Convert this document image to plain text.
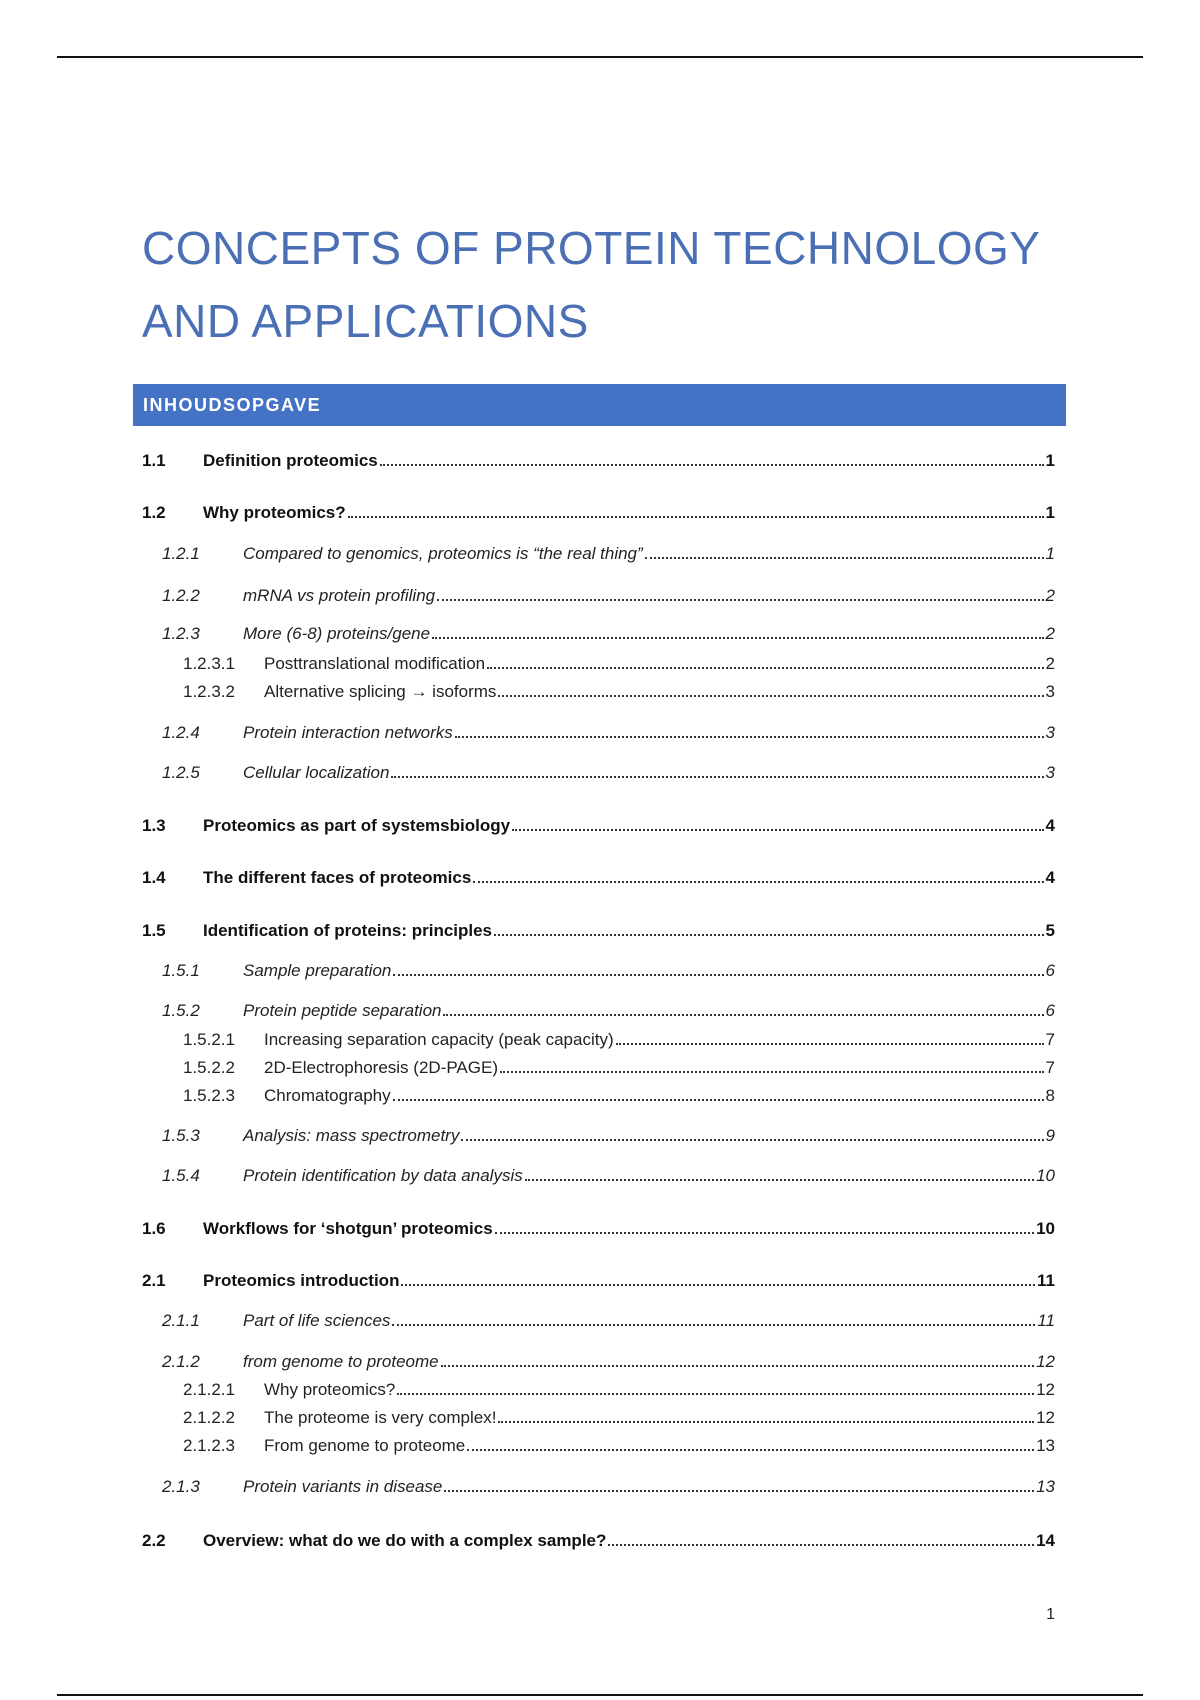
CONCEPTS OF PROTEIN TECHNOLOGY
AND APPLICATIONS
INHOUDSOPGAVE
1.1	Definition proteomics	1
1.2	Why proteomics?	1
1.2.1	Compared to genomics, proteomics is “the real thing”	1
1.2.2	mRNA vs protein profiling	2
1.2.3	More (6-8) proteins/gene	2
1.2.3.1	Posttranslational modification	2
1.2.3.2	Alternative splicing → isoforms	3
1.2.4	Protein interaction networks	3
1.2.5	Cellular localization	3
1.3	Proteomics as part of systemsbiology	4
1.4	The different faces of proteomics	4
1.5	Identification of proteins: principles	5
1.5.1	Sample preparation	6
1.5.2	Protein peptide separation	6
1.5.2.1	Increasing separation capacity (peak capacity)	7
1.5.2.2	2D-Electrophoresis (2D-PAGE)	7
1.5.2.3	Chromatography	8
1.5.3	Analysis: mass spectrometry	9
1.5.4	Protein identification by data analysis	10
1.6	Workflows for ‘shotgun’ proteomics	10
2.1	Proteomics introduction	11
2.1.1	Part of life sciences	11
2.1.2	from genome to proteome	12
2.1.2.1	Why proteomics?	12
2.1.2.2	The proteome is very complex!	12
2.1.2.3	From genome to proteome	13
2.1.3	Protein variants in disease	13
2.2	Overview: what do we do with a complex sample?	14
1
